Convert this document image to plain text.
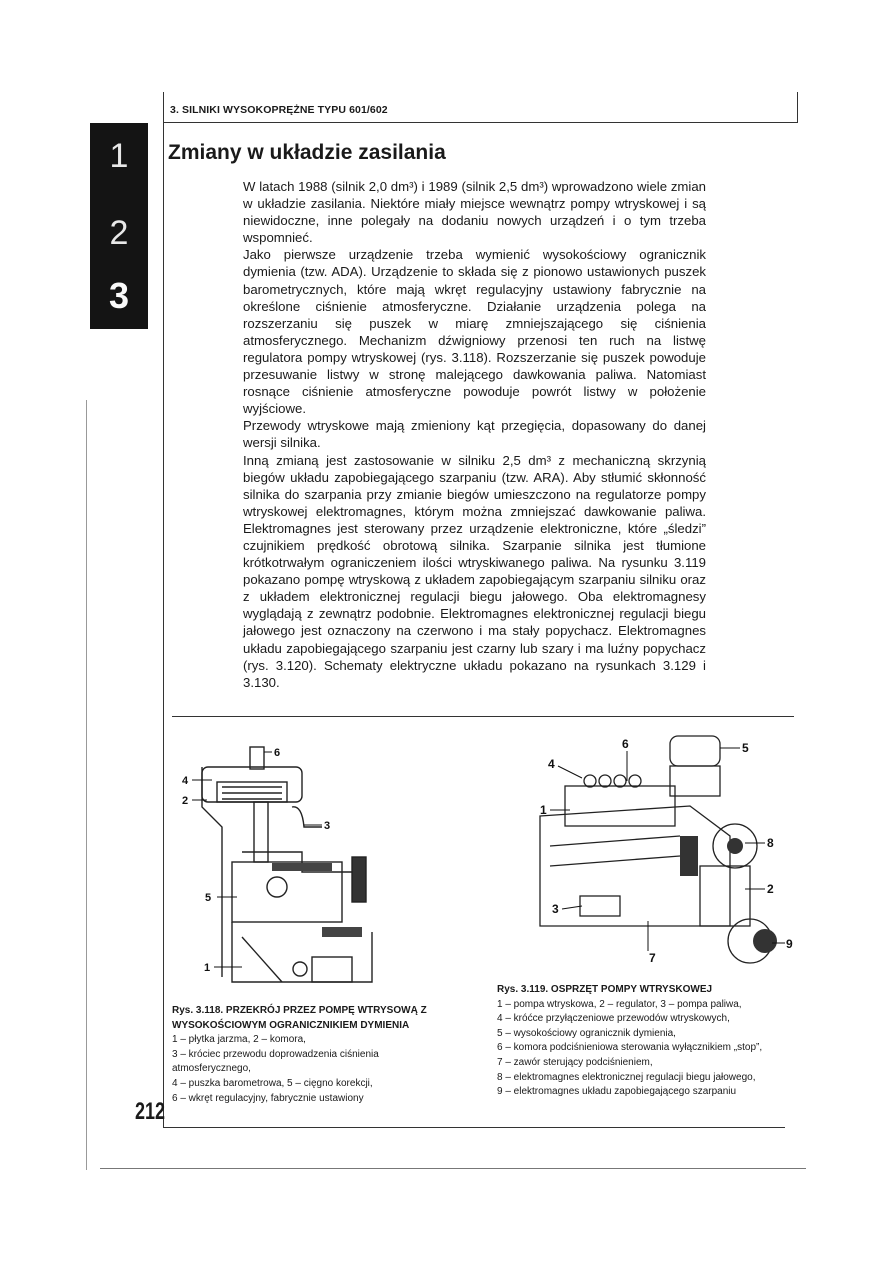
3. SILNIKI WYSOKOPRĘŻNE TYPU 601/602
1
2
3
Zmiany w układzie zasilania

W latach 1988 (silnik 2,0 dm³) i 1989 (silnik 2,5 dm³) wprowadzono wiele zmian w układzie zasilania. Niektóre miały miejsce wewnątrz pompy wtryskowej i są niewidoczne, inne polegały na dodaniu nowych urządzeń i o tym trzeba wspomnieć.

Jako pierwsze urządzenie trzeba wymienić wysokościowy ogranicznik dymienia (tzw. ADA). Urządzenie to składa się z pionowo ustawionych puszek barometrycznych, które mają wkręt regulacyjny ustawiony fabrycznie na określone ciśnienie atmosferyczne. Działanie urządzenia polega na rozszerzaniu się puszek w miarę zmniejszającego się ciśnienia atmosferycznego. Mechanizm dźwigniowy przenosi ten ruch na listwę regulatora pompy wtryskowej (rys. 3.118). Rozszerzanie się puszek powoduje przesuwanie listwy w stronę malejącego dawkowania paliwa. Natomiast rosnące ciśnienie atmosferyczne powoduje powrót listwy w położenie wyjściowe.

Przewody wtryskowe mają zmieniony kąt przegięcia, dopasowany do danej wersji silnika.

Inną zmianą jest zastosowanie w silniku 2,5 dm³ z mechaniczną skrzynią biegów układu zapobiegającego szarpaniu (tzw. ARA). Aby stłumić skłonność silnika do szarpania przy zmianie biegów umieszczono na regulatorze pompy wtryskowej elektromagnes, którym można zmniejszać dawkowanie paliwa. Elektromagnes jest sterowany przez urządzenie elektroniczne, które „śledzi” czujnikiem prędkość obrotową silnika. Szarpanie silnika jest tłumione krótkotrwałym ograniczeniem ilości wtryskiwanego paliwa. Na rysunku 3.119 pokazano pompę wtryskową z układem zapobiegającym szarpaniu silniku oraz z układem elektronicznej regulacji biegu jałowego. Oba elektromagnesy wyglądają z zewnątrz podobnie. Elektromagnes elektronicznej regulacji biegu jałowego jest oznaczony na czerwono i ma stały popychacz. Elektromagnes układu zapobiegającego szarpaniu jest czarny lub szary i ma luźny popychacz (rys. 3.120). Schematy elektryczne układu pokazano na rysunkach 3.129 i 3.130.

6
4
2
3
5
1
Rys. 3.118. PRZEKRÓJ PRZEZ POMPĘ WTRYSOWĄ Z WYSOKOŚCIOWYM OGRANICZNIKIEM DYMIENIA
1 – płytka jarzma, 2 – komora,
3 – króciec przewodu doprowadzenia ciśnienia atmosferycznego,
4 – puszka barometrowa, 5 – cięgno korekcji,
6 – wkręt regulacyjny, fabrycznie ustawiony
6	5
4
1
8
2
3
7
9
Rys. 3.119. OSPRZĘT POMPY WTRYSKOWEJ
1 – pompa wtryskowa, 2 – regulator, 3 – pompa paliwa,
4 – króćce przyłączeniowe przewodów wtryskowych,
5 – wysokościowy ogranicznik dymienia,
6 – komora podciśnieniowa sterowania wyłącznikiem „stop”,
7 – zawór sterujący podciśnieniem,
8 – elektromagnes elektronicznej regulacji biegu jałowego,
9 – elektromagnes układu zapobiegającego szarpaniu
212
